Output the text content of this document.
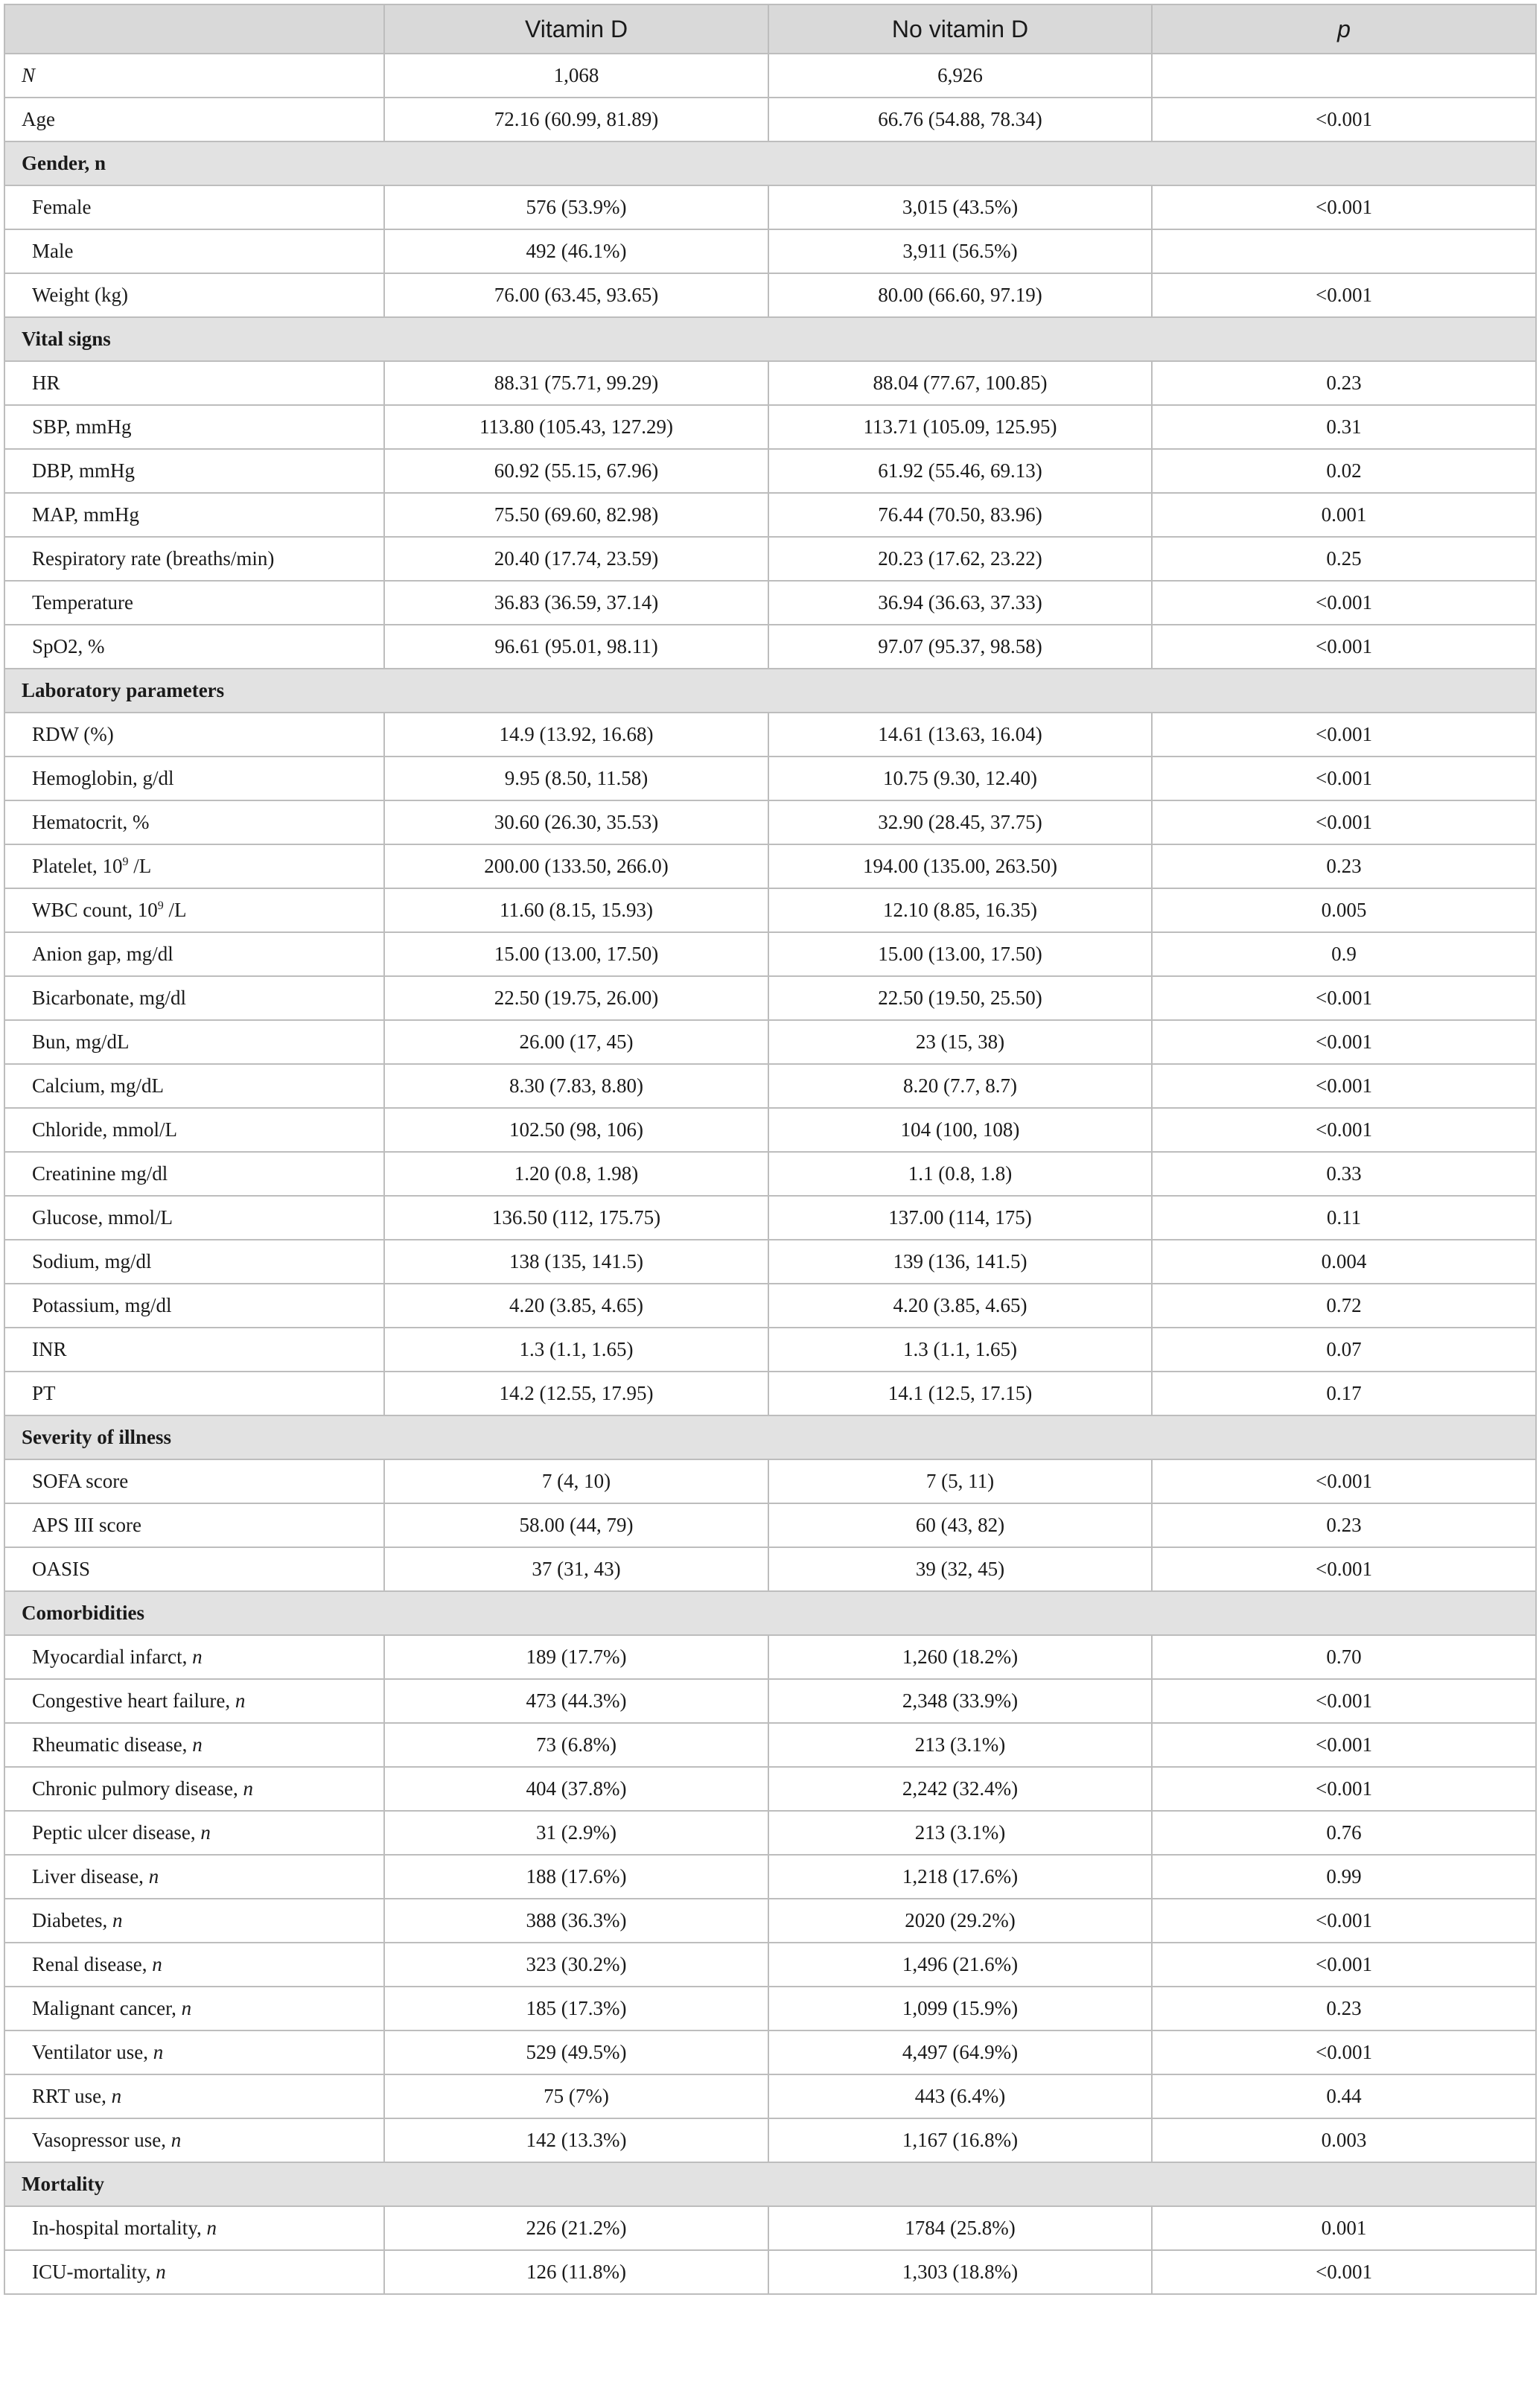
	Vitamin D	No vitamin D	p
N	1,068	6,926	
Age	72.16 (60.99, 81.89)	66.76 (54.88, 78.34)	<0.001
Gender, n			
Female	576 (53.9%)	3,015 (43.5%)	<0.001
Male	492 (46.1%)	3,911 (56.5%)	
Weight (kg)	76.00 (63.45, 93.65)	80.00 (66.60, 97.19)	<0.001
Vital signs			
HR	88.31 (75.71, 99.29)	88.04 (77.67, 100.85)	0.23
SBP, mmHg	113.80 (105.43, 127.29)	113.71 (105.09, 125.95)	0.31
DBP, mmHg	60.92 (55.15, 67.96)	61.92 (55.46, 69.13)	0.02
MAP, mmHg	75.50 (69.60, 82.98)	76.44 (70.50, 83.96)	0.001
Respiratory rate (breaths/min)	20.40 (17.74, 23.59)	20.23 (17.62, 23.22)	0.25
Temperature	36.83 (36.59, 37.14)	36.94 (36.63, 37.33)	<0.001
SpO2, %	96.61 (95.01, 98.11)	97.07 (95.37, 98.58)	<0.001
Laboratory parameters			
RDW (%)	14.9 (13.92, 16.68)	14.61 (13.63, 16.04)	<0.001
Hemoglobin, g/dl	9.95 (8.50, 11.58)	10.75 (9.30, 12.40)	<0.001
Hematocrit, %	30.60 (26.30, 35.53)	32.90 (28.45, 37.75)	<0.001
Platelet, $10^9$ /L	200.00 (133.50, 266.0)	194.00 (135.00, 263.50)	0.23
WBC count, $10^9$ /L	11.60 (8.15, 15.93)	12.10 (8.85, 16.35)	0.005
Anion gap, mg/dl	15.00 (13.00, 17.50)	15.00 (13.00, 17.50)	0.9
Bicarbonate, mg/dl	22.50 (19.75, 26.00)	22.50 (19.50, 25.50)	<0.001
Bun, mg/dL	26.00 (17, 45)	23 (15, 38)	<0.001
Calcium, mg/dL	8.30 (7.83, 8.80)	8.20 (7.7, 8.7)	<0.001
Chloride, mmol/L	102.50 (98, 106)	104 (100, 108)	<0.001
Creatinine mg/dl	1.20 (0.8, 1.98)	1.1 (0.8, 1.8)	0.33
Glucose, mmol/L	136.50 (112, 175.75)	137.00 (114, 175)	0.11
Sodium, mg/dl	138 (135, 141.5)	139 (136, 141.5)	0.004
Potassium, mg/dl	4.20 (3.85, 4.65)	4.20 (3.85, 4.65)	0.72
INR	1.3 (1.1, 1.65)	1.3 (1.1, 1.65)	0.07
PT	14.2 (12.55, 17.95)	14.1 (12.5, 17.15)	0.17
Severity of illness			
SOFA score	7 (4, 10)	7 (5, 11)	<0.001
APS III score	58.00 (44, 79)	60 (43, 82)	0.23
OASIS	37 (31, 43)	39 (32, 45)	<0.001
Comorbidities			
Myocardial infarct, n	189 (17.7%)	1,260 (18.2%)	0.70
Congestive heart failure, n	473 (44.3%)	2,348 (33.9%)	<0.001
Rheumatic disease, n	73 (6.8%)	213 (3.1%)	<0.001
Chronic pulmory disease, n	404 (37.8%)	2,242 (32.4%)	<0.001
Peptic ulcer disease, n	31 (2.9%)	213 (3.1%)	0.76
Liver disease, n	188 (17.6%)	1,218 (17.6%)	0.99
Diabetes, n	388 (36.3%)	2020 (29.2%)	<0.001
Renal disease, n	323 (30.2%)	1,496 (21.6%)	<0.001
Malignant cancer, n	185 (17.3%)	1,099 (15.9%)	0.23
Ventilator use, n	529 (49.5%)	4,497 (64.9%)	<0.001
RRT use, n	75 (7%)	443 (6.4%)	0.44
Vasopressor use, n	142 (13.3%)	1,167 (16.8%)	0.003
Mortality			
In-hospital mortality, n	226 (21.2%)	1784 (25.8%)	0.001
ICU-mortality, n	126 (11.8%)	1,303 (18.8%)	<0.001
